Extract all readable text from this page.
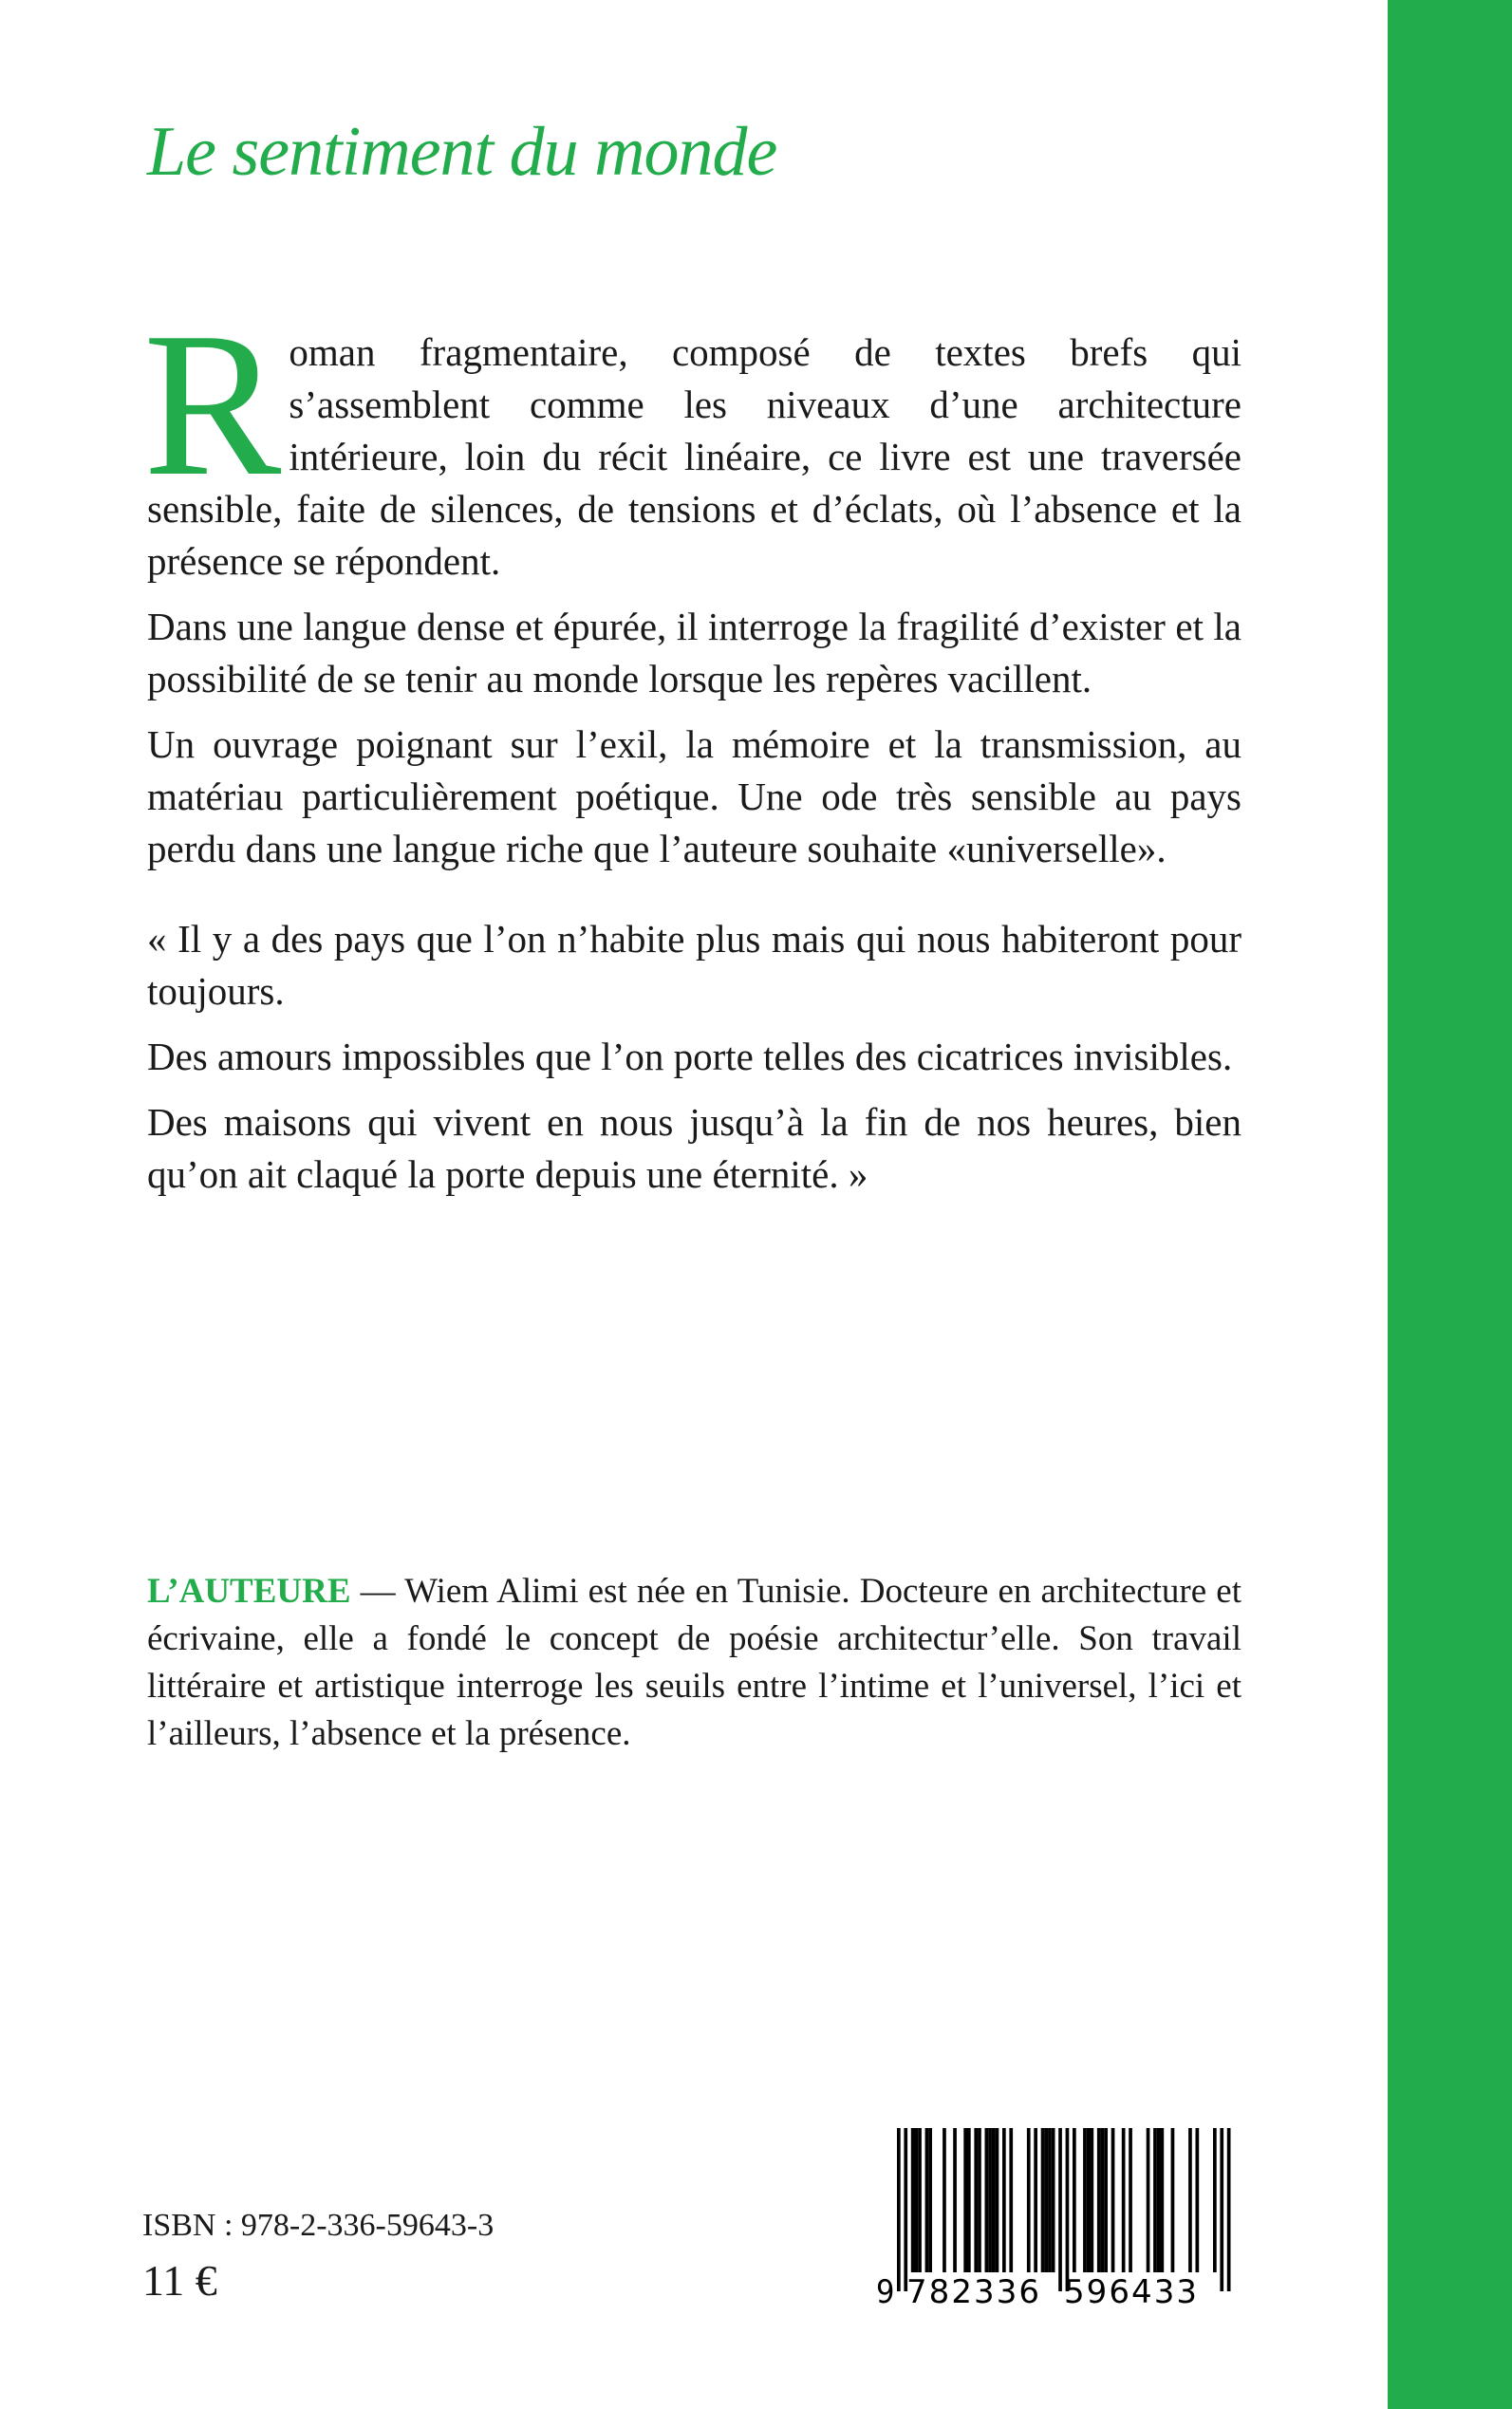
Le sentiment du monde

Roman fragmentaire, composé de textes brefs qui s’assemblent comme les niveaux d’une architecture intérieure, loin du récit linéaire, ce livre est une traversée sensible, faite de silences, de tensions et d’éclats, où l’absence et la présence se répondent.

Dans une langue dense et épurée, il interroge la fragilité d’exister et la possibilité de se tenir au monde lorsque les repères vacillent.

Un ouvrage poignant sur l’exil, la mémoire et la transmission, au matériau particulièrement poétique. Une ode très sensible au pays perdu dans une langue riche que l’auteure souhaite «universelle».

« Il y a des pays que l’on n’habite plus mais qui nous habiteront pour toujours.

Des amours impossibles que l’on porte telles des cicatrices invisibles.

Des maisons qui vivent en nous jusqu’à la fin de nos heures, bien qu’on ait claqué la porte depuis une éternité. »

L’AUTEURE — Wiem Alimi est née en Tunisie. Docteure en architecture et écrivaine, elle a fondé le concept de poésie architectur’elle. Son travail littéraire et artistique interroge les seuils entre l’intime et l’universel, l’ici et l’ailleurs, l’absence et la présence.
ISBN : 978-2-336-59643-3
11 €	9 782336 596433
